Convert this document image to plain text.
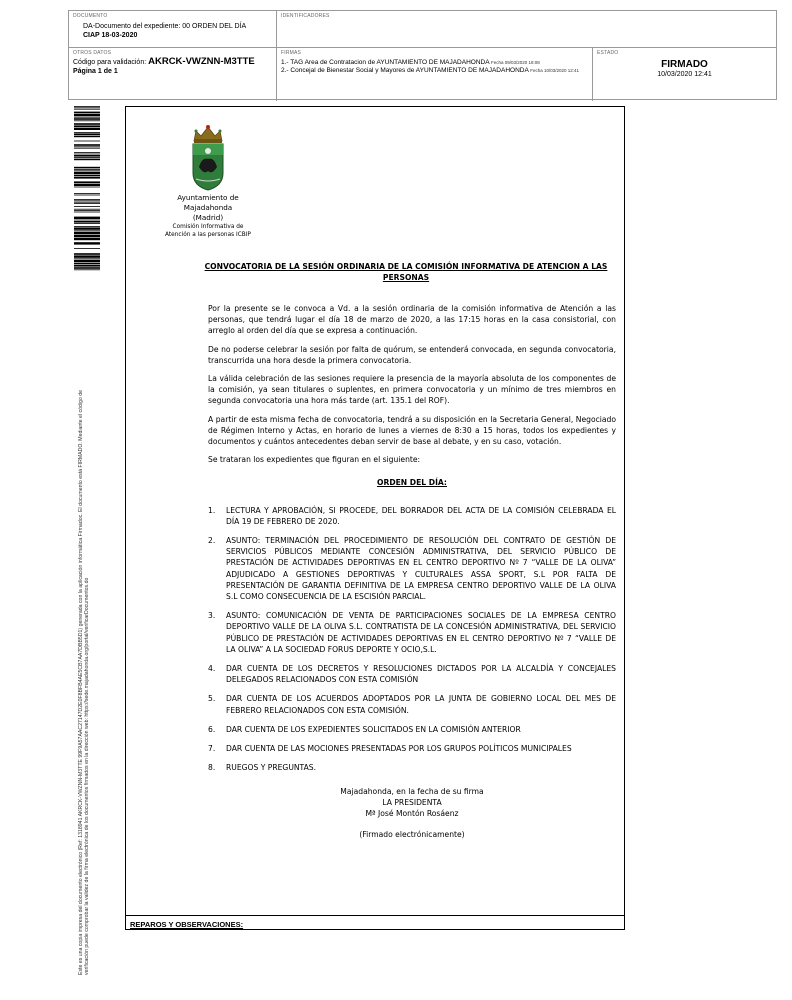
DOCUMENTO
DA-Documento del expediente: 00 ORDEN DEL DÍA
CIAP 18-03-2020
IDENTIFICADORES
OTROS DATOS
Código para validación: AKRCK-VWZNN-M3TTE
Página 1 de 1
FIRMAS
1.- TAG Area de Contratacion de AYUNTAMIENTO DE MAJADAHONDA Fecha 09/03/2020 18:08
2.- Concejal de Bienestar Social y Mayores de AYUNTAMIENTO DE MAJADAHONDA Fecha 10/03/2020 12:41
ESTADO
FIRMADO
10/03/2020 12:41
Este es una copia impresa del documento electrónico (Ref: 1318941 AKRCK-VWZNN-M3TTE 99F9A57AAC27147D2E0F8BFB4AE5CB7AA7DBB5D1) generada con la aplicación informática Firmadoc. El documento está FIRMADO. Mediante el código de verificación puede comprobar la validez de la firma electrónica de los documentos firmados en la dirección web: https://sede.majadahonda.org/portal/verificarDocumentos.do
Ayuntamiento de
Majadahonda
(Madrid)
Comisión Informativa de
Atención a las personas ICBIP
CONVOCATORIA DE LA SESIÓN ORDINARIA DE LA COMISIÓN INFORMATIVA DE ATENCION A LAS PERSONAS

Por la presente se le convoca a Vd. a la sesión ordinaria de la comisión informativa de Atención a las personas, que tendrá lugar el día 18 de marzo de 2020, a las 17:15 horas en la casa consistorial, con arreglo al orden del día que se expresa a continuación.

De no poderse celebrar la sesión por falta de quórum, se entenderá convocada, en segunda convocatoria, transcurrida una hora desde la primera convocatoria.

La válida celebración de las sesiones requiere la presencia de la mayoría absoluta de los componentes de la comisión, ya sean titulares o suplentes, en primera convocatoria y un mínimo de tres miembros en segunda convocatoria una hora más tarde (art. 135.1 del ROF).

A partir de esta misma fecha de convocatoria, tendrá a su disposición en la Secretaria General, Negociado de Régimen Interno y Actas, en horario de lunes a viernes de 8:30 a 15 horas, todos los expedientes y documentos y cuántos antecedentes deban servir de base al debate, y en su caso, votación.

Se trataran los expedientes que figuran en el siguiente:

ORDEN DEL DÍA:
1. LECTURA Y APROBACIÓN, SI PROCEDE, DEL BORRADOR DEL ACTA DE LA COMISIÓN CELEBRADA EL DÍA 19 DE FEBRERO DE 2020.
2. ASUNTO: TERMINACIÓN DEL PROCEDIMIENTO DE RESOLUCIÓN DEL CONTRATO DE GESTIÓN DE SERVICIOS PÚBLICOS MEDIANTE CONCESIÓN ADMINISTRATIVA, DEL SERVICIO PÚBLICO DE PRESTACIÓN DE ACTIVIDADES DEPORTIVAS EN EL CENTRO DEPORTIVO Nº 7 “VALLE DE LA OLIVA” ADJUDICADO A GESTIONES DEPORTIVAS Y CULTURALES ASSA SPORT, S.L POR FALTA DE PRESENTACIÓN DE GARANTIA DEFINITIVA DE LA EMPRESA CENTRO DEPORTIVO VALLE DE LA OLIVA S.L COMO CONSECUENCIA DE LA ESCISIÓN PARCIAL.
3. ASUNTO: COMUNICACIÓN DE VENTA DE PARTICIPACIONES SOCIALES DE LA EMPRESA CENTRO DEPORTIVO VALLE DE LA OLIVA S.L. CONTRATISTA DE LA CONCESIÓN ADMINISTRATIVA, DEL SERVICIO PÚBLICO DE PRESTACIÓN DE ACTIVIDADES DEPORTIVAS EN EL CENTRO DEPORTIVO Nº 7 “VALLE DE LA OLIVA” A LA SOCIEDAD FORUS DEPORTE Y OCIO,S.L.
4. DAR CUENTA DE LOS DECRETOS Y RESOLUCIONES DICTADOS POR LA ALCALDÍA Y CONCEJALES DELEGADOS RELACIONADOS CON ESTA COMISIÓN
5. DAR CUENTA DE LOS ACUERDOS ADOPTADOS POR LA JUNTA DE GOBIERNO LOCAL DEL MES DE FEBRERO RELACIONADOS CON ESTA COMISIÓN.
6. DAR CUENTA DE LOS EXPEDIENTES SOLICITADOS EN LA COMISIÓN ANTERIOR
7. DAR CUENTA DE LAS MOCIONES PRESENTADAS POR LOS GRUPOS POLÍTICOS MUNICIPALES
8. RUEGOS Y PREGUNTAS.
Majadahonda, en la fecha de su firma
LA PRESIDENTA
Mª José Montón Rosáenz
(Firmado electrónicamente)
REPAROS Y OBSERVACIONES:
